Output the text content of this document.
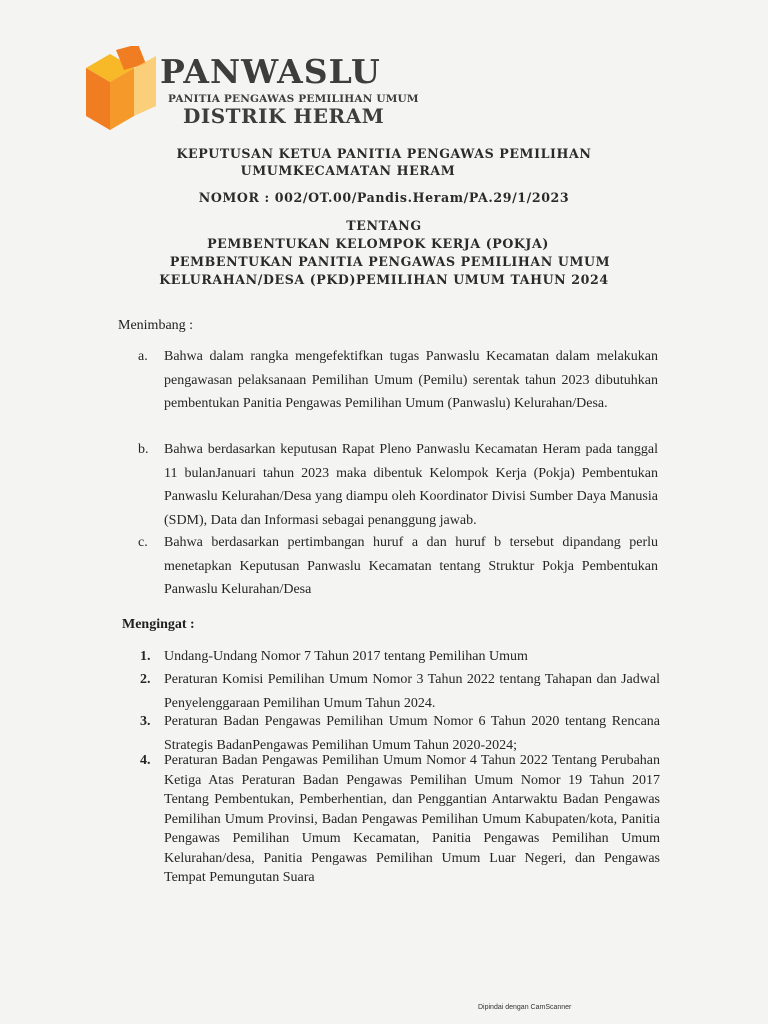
PANWASLU
PANITIA PENGAWAS PEMILIHAN UMUM
DISTRIK HERAM
KEPUTUSAN KETUA PANITIA PENGAWAS PEMILIHAN
UMUMKECAMATAN HERAM
NOMOR : 002/OT.00/Pandis.Heram/PA.29/1/2023
TENTANG
PEMBENTUKAN KELOMPOK KERJA (POKJA)
PEMBENTUKAN PANITIA PENGAWAS PEMILIHAN UMUM
KELURAHAN/DESA (PKD)PEMILIHAN UMUM TAHUN 2024
Menimbang :
a. Bahwa dalam rangka mengefektifkan tugas Panwaslu Kecamatan dalam melakukan pengawasan pelaksanaan Pemilihan Umum (Pemilu) serentak tahun 2023 dibutuhkan pembentukan Panitia Pengawas Pemilihan Umum (Panwaslu) Kelurahan/Desa.
b. Bahwa berdasarkan keputusan Rapat Pleno Panwaslu Kecamatan Heram pada tanggal 11 bulanJanuari tahun 2023 maka dibentuk Kelompok Kerja (Pokja) Pembentukan Panwaslu Kelurahan/Desa yang diampu oleh Koordinator Divisi Sumber Daya Manusia (SDM), Data dan Informasi sebagai penanggung jawab.
c. Bahwa berdasarkan pertimbangan huruf a dan huruf b tersebut dipandang perlu menetapkan Keputusan Panwaslu Kecamatan tentang Struktur Pokja Pembentukan Panwaslu Kelurahan/Desa
Mengingat :
1. Undang-Undang Nomor 7 Tahun 2017 tentang Pemilihan Umum
2. Peraturan Komisi Pemilihan Umum Nomor 3 Tahun 2022 tentang Tahapan dan Jadwal Penyelenggaraan Pemilihan Umum Tahun 2024.
3. Peraturan Badan Pengawas Pemilihan Umum Nomor 6 Tahun 2020 tentang Rencana Strategis BadanPengawas Pemilihan Umum Tahun 2020-2024;
4. Peraturan Badan Pengawas Pemilihan Umum Nomor 4 Tahun 2022 Tentang Perubahan Ketiga Atas Peraturan Badan Pengawas Pemilihan Umum Nomor 19 Tahun 2017 Tentang Pembentukan, Pemberhentian, dan Penggantian Antarwaktu Badan Pengawas Pemilihan Umum Provinsi, Badan Pengawas Pemilihan Umum Kabupaten/kota, Panitia Pengawas Pemilihan Umum Kecamatan, Panitia Pengawas Pemilihan Umum Kelurahan/desa, Panitia Pengawas Pemilihan Umum Luar Negeri, dan Pengawas Tempat Pemungutan Suara
Dipindai dengan CamScanner
